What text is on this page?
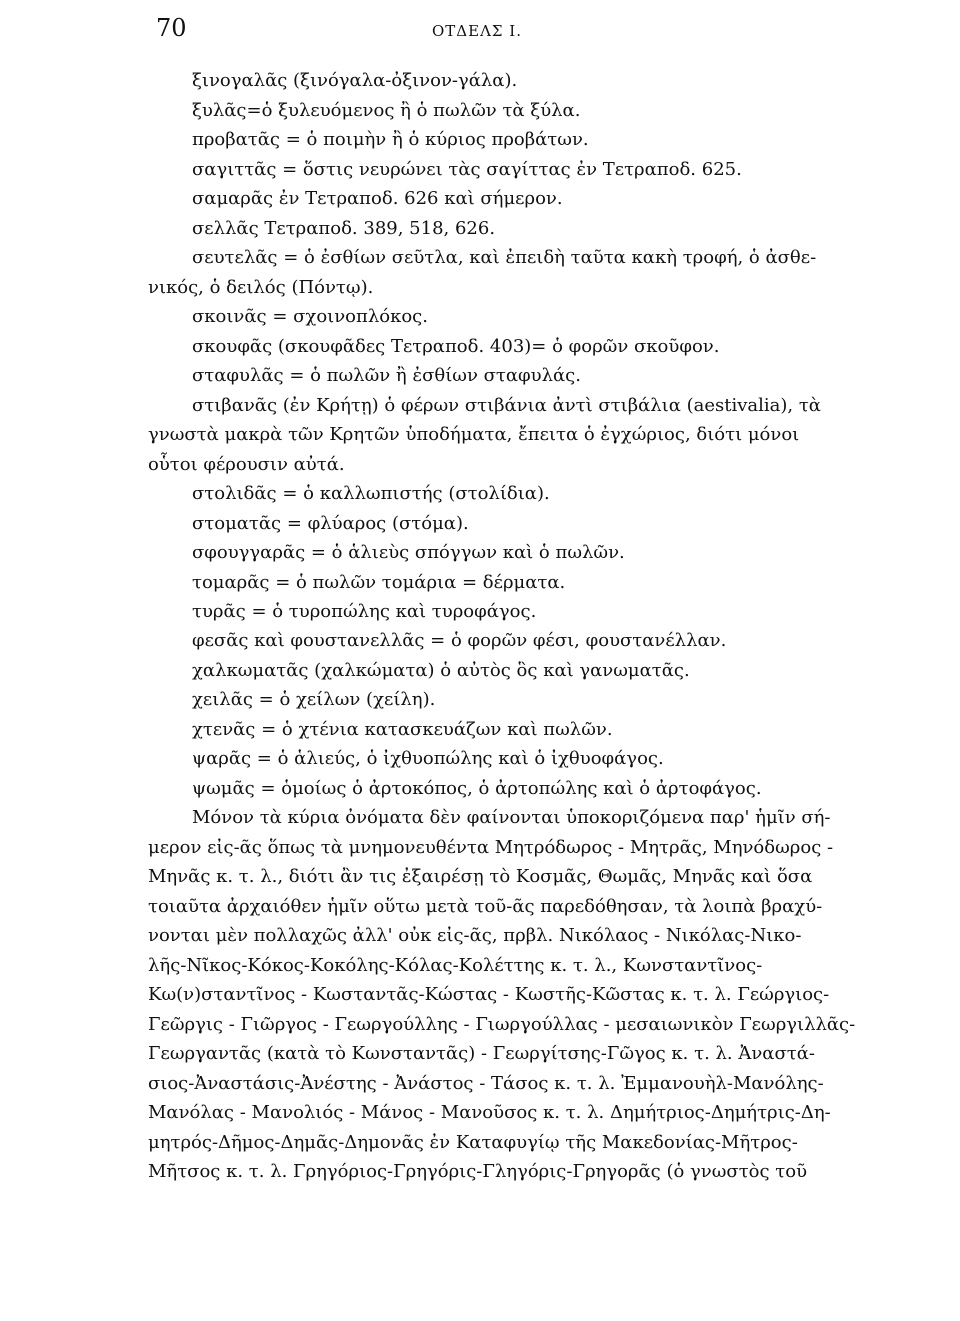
70	ΟΤΔΕΛΣ Ι.
ξινογαλᾶς (ξινόγαλα-ὀξινον-γάλα).
ξυλᾶς=ὁ ξυλευόμενος ἢ ὁ πωλῶν τὰ ξύλα.
προβατᾶς = ὁ ποιμὴν ἢ ὁ κύριος προβάτων.
σαγιττᾶς = ὅστις νευρώνει τὰς σαγίττας ἐν Τετραποδ. 625.
σαμαρᾶς ἐν Τετραποδ. 626 καὶ σήμερον.
σελλᾶς Τετραποδ. 389, 518, 626.
σευτελᾶς = ὁ ἐσθίων σεῦτλα, καὶ ἐπειδὴ ταῦτα κακὴ τροφή, ὁ ἀσθε-
νικός, ὁ δειλός (Πόντῳ).
σκοινᾶς = σχοινοπλόκος.
σκουφᾶς (σκουφᾶδες Τετραποδ. 403)= ὁ φορῶν σκοῦφον.
σταφυλᾶς = ὁ πωλῶν ἢ ἐσθίων σταφυλάς.
στιβανᾶς (ἐν Κρήτῃ) ὁ φέρων στιβάνια ἀντὶ στιβάλια (aestivalia), τὰ
γνωστὰ μακρὰ τῶν Κρητῶν ὑποδήματα, ἔπειτα ὁ ἐγχώριος, διότι μόνοι
οὗτοι φέρουσιν αὐτά.
στολιδᾶς = ὁ καλλωπιστής (στολίδια).
στοματᾶς = φλύαρος (στόμα).
σφουγγαρᾶς = ὁ ἁλιεὺς σπόγγων καὶ ὁ πωλῶν.
τομαρᾶς = ὁ πωλῶν τομάρια = δέρματα.
τυρᾶς = ὁ τυροπώλης καὶ τυροφάγος.
φεσᾶς καὶ φουστανελλᾶς = ὁ φορῶν φέσι, φουστανέλλαν.
χαλκωματᾶς (χαλκώματα) ὁ αὐτὸς ὃς καὶ γανωματᾶς.
χειλᾶς = ὁ χείλων (χείλη).
χτενᾶς = ὁ χτένια κατασκευάζων καὶ πωλῶν.
ψαρᾶς = ὁ ἁλιεύς, ὁ ἰχθυοπώλης καὶ ὁ ἰχθυοφάγος.
ψωμᾶς = ὁμοίως ὁ ἀρτοκόπος, ὁ ἀρτοπώλης καὶ ὁ ἀρτοφάγος.
Μόνον τὰ κύρια ὀνόματα δὲν φαίνονται ὑποκοριζόμενα παρ' ἡμῖν σή-
μερον εἰς-ᾶς ὅπως τὰ μνημονευθέντα Μητρόδωρος - Μητρᾶς, Μηνόδωρος -
Μηνᾶς κ. τ. λ., διότι ἂν τις ἐξαιρέσῃ τὸ Κοσμᾶς, Θωμᾶς, Μηνᾶς καὶ ὅσα
τοιαῦτα ἀρχαιόθεν ἡμῖν οὕτω μετὰ τοῦ-ᾶς παρεδόθησαν, τὰ λοιπὰ βραχύ-
νονται μὲν πολλαχῶς ἀλλ' οὐκ εἰς-ᾶς, πρβλ. Νικόλαος - Νικόλας-Νικο-
λῆς-Νῖκος-Κόκος-Κοκόλης-Κόλας-Κολέττης κ. τ. λ., Κωνσταντῖνος-
Κω(ν)σταντῖνος - Κωσταντᾶς-Κώστας - Κωστῆς-Κῶστας κ. τ. λ. Γεώργιος-
Γεῶργις - Γιῶργος - Γεωργούλλης - Γιωργούλλας - μεσαιωνικὸν Γεωργιλλᾶς-
Γεωργαντᾶς (κατὰ τὸ Κωνσταντᾶς) - Γεωργίτσης-Γῶγος κ. τ. λ. Ἀναστά-
σιος-Ἀναστάσις-Ἀνέστης - Ἀνάστος - Τάσος κ. τ. λ. Ἐμμανουὴλ-Μανόλης-
Μανόλας - Μανολιός - Μάνος - Μανοῦσος κ. τ. λ. Δημήτριος-Δημήτρις-Δη-
μητρός-Δῆμος-Δημᾶς-Δημονᾶς ἐν Καταφυγίῳ τῆς Μακεδονίας-Μῆτρος-
Μῆτσος κ. τ. λ. Γρηγόριος-Γρηγόρις-Γληγόρις-Γρηγορᾶς (ὁ γνωστὸς τοῦ
